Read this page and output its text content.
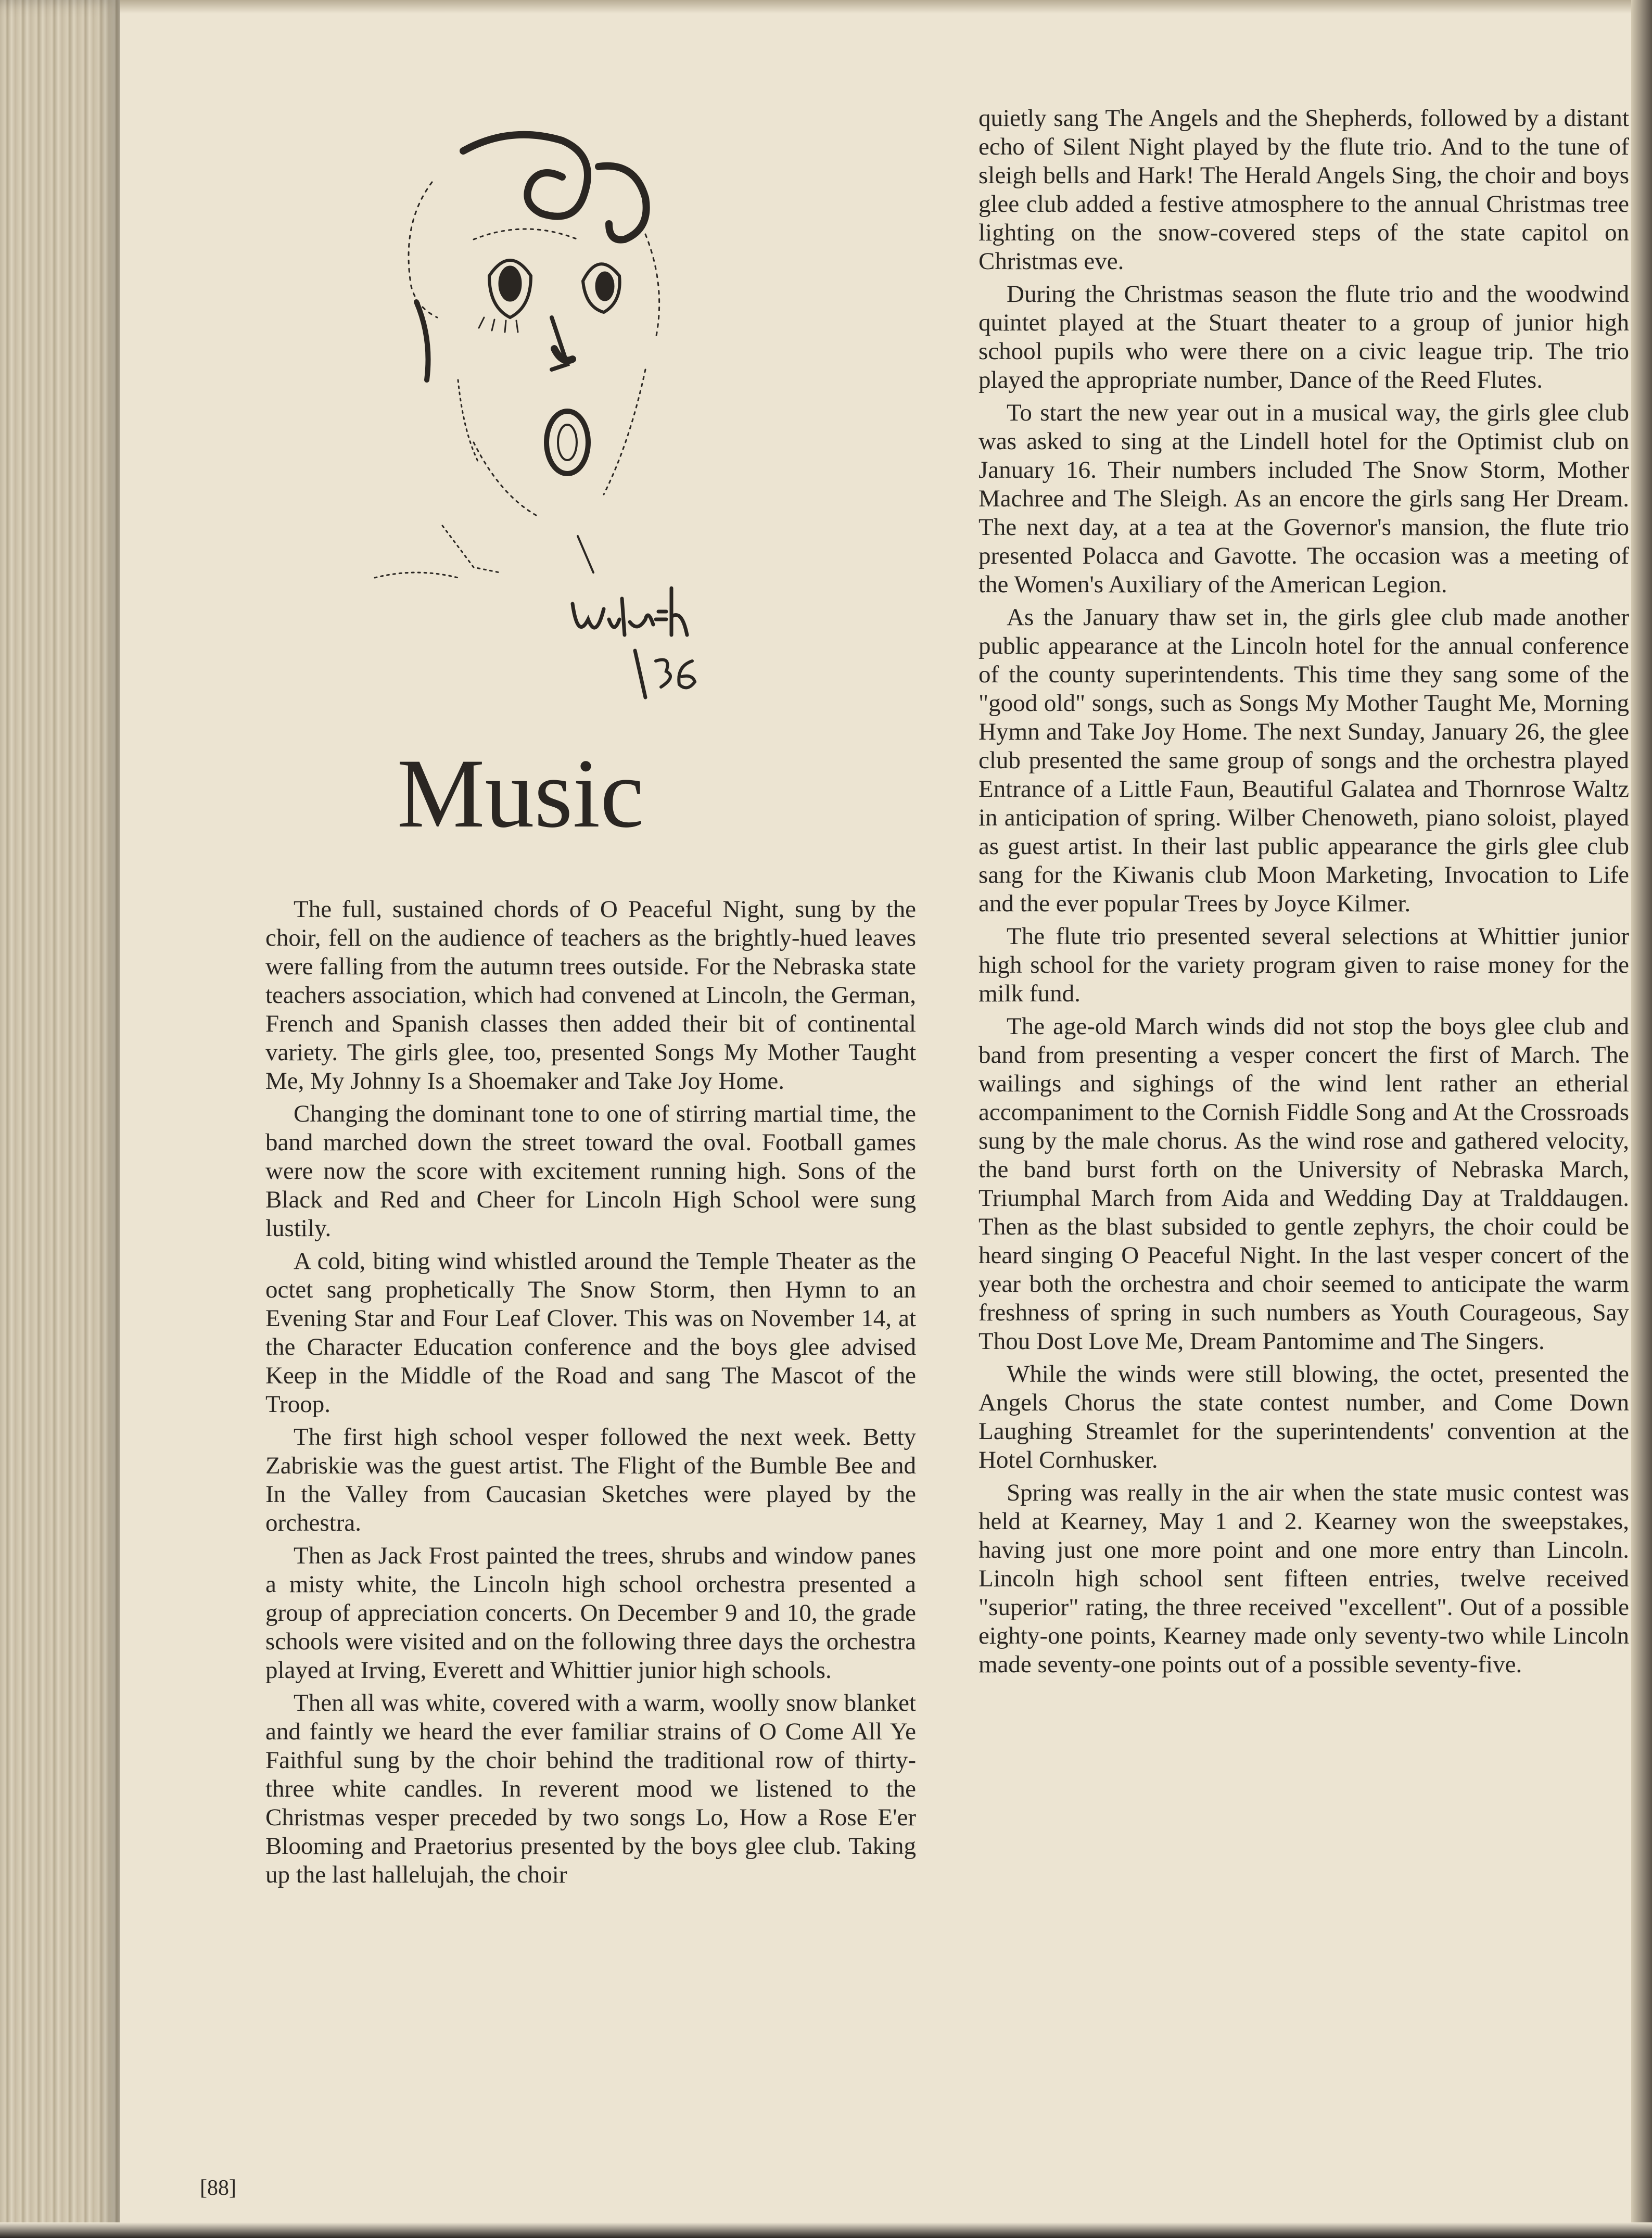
Music

The full, sustained chords of O Peaceful Night, sung by the choir, fell on the audience of teachers as the brightly-hued leaves were falling from the autumn trees outside. For the Nebraska state teachers association, which had convened at Lincoln, the German, French and Spanish classes then added their bit of continental variety. The girls glee, too, presented Songs My Mother Taught Me, My Johnny Is a Shoemaker and Take Joy Home.

Changing the dominant tone to one of stirring martial time, the band marched down the street toward the oval. Football games were now the score with excitement running high. Sons of the Black and Red and Cheer for Lincoln High School were sung lustily.

A cold, biting wind whistled around the Temple Theater as the octet sang prophetically The Snow Storm, then Hymn to an Evening Star and Four Leaf Clover. This was on November 14, at the Character Education conference and the boys glee advised Keep in the Middle of the Road and sang The Mascot of the Troop.

The first high school vesper followed the next week. Betty Zabriskie was the guest artist. The Flight of the Bumble Bee and In the Valley from Caucasian Sketches were played by the orchestra.

Then as Jack Frost painted the trees, shrubs and window panes a misty white, the Lincoln high school orchestra presented a group of appreciation concerts. On December 9 and 10, the grade schools were visited and on the following three days the orchestra played at Irving, Everett and Whittier junior high schools.

Then all was white, covered with a warm, woolly snow blanket and faintly we heard the ever familiar strains of O Come All Ye Faithful sung by the choir behind the traditional row of thirty-three white candles. In reverent mood we listened to the Christmas vesper preceded by two songs Lo, How a Rose E'er Blooming and Praetorius presented by the boys glee club. Taking up the last hallelujah, the choir

quietly sang The Angels and the Shepherds, followed by a distant echo of Silent Night played by the flute trio. And to the tune of sleigh bells and Hark! The Herald Angels Sing, the choir and boys glee club added a festive atmosphere to the annual Christmas tree lighting on the snow-covered steps of the state capitol on Christmas eve.

During the Christmas season the flute trio and the woodwind quintet played at the Stuart theater to a group of junior high school pupils who were there on a civic league trip. The trio played the appropriate number, Dance of the Reed Flutes.

To start the new year out in a musical way, the girls glee club was asked to sing at the Lindell hotel for the Optimist club on January 16. Their numbers included The Snow Storm, Mother Machree and The Sleigh. As an encore the girls sang Her Dream. The next day, at a tea at the Governor's mansion, the flute trio presented Polacca and Gavotte. The occasion was a meeting of the Women's Auxiliary of the American Legion.

As the January thaw set in, the girls glee club made another public appearance at the Lincoln hotel for the annual conference of the county superintendents. This time they sang some of the "good old" songs, such as Songs My Mother Taught Me, Morning Hymn and Take Joy Home. The next Sunday, January 26, the glee club presented the same group of songs and the orchestra played Entrance of a Little Faun, Beautiful Galatea and Thornrose Waltz in anticipation of spring. Wilber Chenoweth, piano soloist, played as guest artist. In their last public appearance the girls glee club sang for the Kiwanis club Moon Marketing, Invocation to Life and the ever popular Trees by Joyce Kilmer.

The flute trio presented several selections at Whittier junior high school for the variety program given to raise money for the milk fund.

The age-old March winds did not stop the boys glee club and band from presenting a vesper concert the first of March. The wailings and sighings of the wind lent rather an etherial accompaniment to the Cornish Fiddle Song and At the Crossroads sung by the male chorus. As the wind rose and gathered velocity, the band burst forth on the University of Nebraska March, Triumphal March from Aida and Wedding Day at Tralddaugen. Then as the blast subsided to gentle zephyrs, the choir could be heard singing O Peaceful Night. In the last vesper concert of the year both the orchestra and choir seemed to anticipate the warm freshness of spring in such numbers as Youth Courageous, Say Thou Dost Love Me, Dream Pantomime and The Singers.

While the winds were still blowing, the octet, presented the Angels Chorus the state contest number, and Come Down Laughing Streamlet for the superintendents' convention at the Hotel Cornhusker.

Spring was really in the air when the state music contest was held at Kearney, May 1 and 2. Kearney won the sweepstakes, having just one more point and one more entry than Lincoln. Lincoln high school sent fifteen entries, twelve received "superior" rating, the three received "excellent". Out of a possible eighty-one points, Kearney made only seventy-two while Lincoln made seventy-one points out of a possible seventy-five.

[88]
